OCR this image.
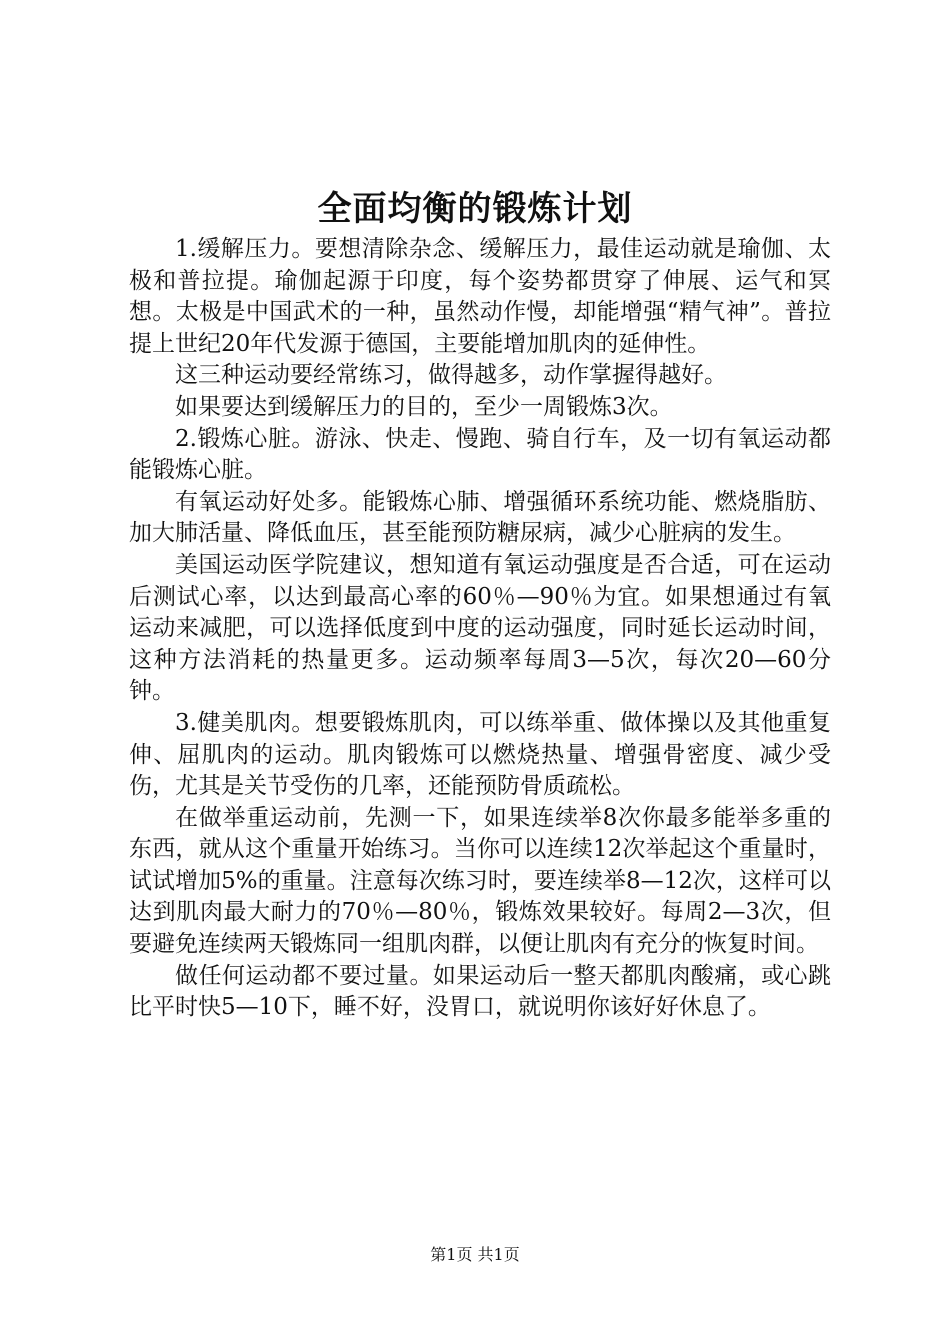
全面均衡的锻炼计划

1.缓解压力。要想清除杂念、缓解压力，最佳运动就是瑜伽、太极和普拉提。瑜伽起源于印度，每个姿势都贯穿了伸展、运气和冥想。太极是中国武术的一种，虽然动作慢，却能增强“精气神”。普拉提上世纪20年代发源于德国，主要能增加肌肉的延伸性。

这三种运动要经常练习，做得越多，动作掌握得越好。

如果要达到缓解压力的目的，至少一周锻炼3次。

2.锻炼心脏。游泳、快走、慢跑、骑自行车，及一切有氧运动都能锻炼心脏。

有氧运动好处多。能锻炼心肺、增强循环系统功能、燃烧脂肪、加大肺活量、降低血压，甚至能预防糖尿病，减少心脏病的发生。

美国运动医学院建议，想知道有氧运动强度是否合适，可在运动后测试心率，以达到最高心率的60％—90％为宜。如果想通过有氧运动来减肥，可以选择低度到中度的运动强度，同时延长运动时间，这种方法消耗的热量更多。运动频率每周3—5次，每次20—60分钟。

3.健美肌肉。想要锻炼肌肉，可以练举重、做体操以及其他重复伸、屈肌肉的运动。肌肉锻炼可以燃烧热量、增强骨密度、减少受伤，尤其是关节受伤的几率，还能预防骨质疏松。

在做举重运动前，先测一下，如果连续举8次你最多能举多重的东西，就从这个重量开始练习。当你可以连续12次举起这个重量时，试试增加5%的重量。注意每次练习时，要连续举8—12次，这样可以达到肌肉最大耐力的70％—80％，锻炼效果较好。每周2—3次，但要避免连续两天锻炼同一组肌肉群，以便让肌肉有充分的恢复时间。

做任何运动都不要过量。如果运动后一整天都肌肉酸痛，或心跳比平时快5—10下，睡不好，没胃口，就说明你该好好休息了。

第1页 共1页
